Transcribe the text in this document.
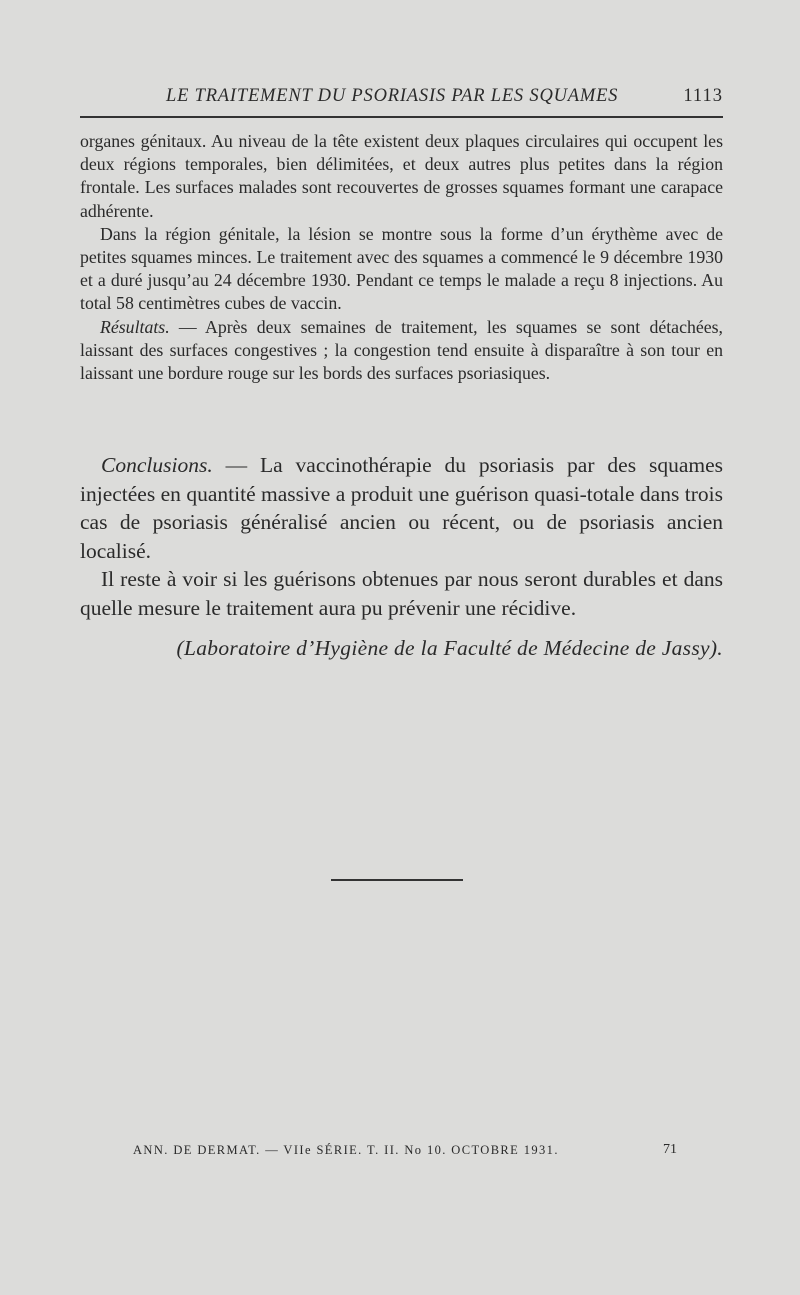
LE TRAITEMENT DU PSORIASIS PAR LES SQUAMES	1113

organes génitaux. Au niveau de la tête existent deux plaques circulaires qui occupent les deux régions temporales, bien délimitées, et deux autres plus petites dans la région frontale. Les surfaces malades sont recouvertes de grosses squames formant une carapace adhérente.

Dans la région génitale, la lésion se montre sous la forme d’un érythème avec de petites squames minces. Le traitement avec des squames a commencé le 9 décembre 1930 et a duré jusqu’au 24 décembre 1930. Pendant ce temps le malade a reçu 8 injections. Au total 58 centimètres cubes de vaccin.

Résultats. — Après deux semaines de traitement, les squames se sont détachées, laissant des surfaces congestives ; la congestion tend ensuite à disparaître à son tour en laissant une bordure rouge sur les bords des surfaces psoriasiques.

Conclusions. — La vaccinothérapie du psoriasis par des squames injectées en quantité massive a produit une guérison quasi-totale dans trois cas de psoriasis généralisé ancien ou récent, ou de psoriasis ancien localisé.

Il reste à voir si les guérisons obtenues par nous seront durables et dans quelle mesure le traitement aura pu prévenir une récidive.

(Laboratoire d’Hygiène de la Faculté de Médecine de Jassy).
ANN. DE DERMAT. — VIIe SÉRIE. T. II. No 10. OCTOBRE 1931.	71
